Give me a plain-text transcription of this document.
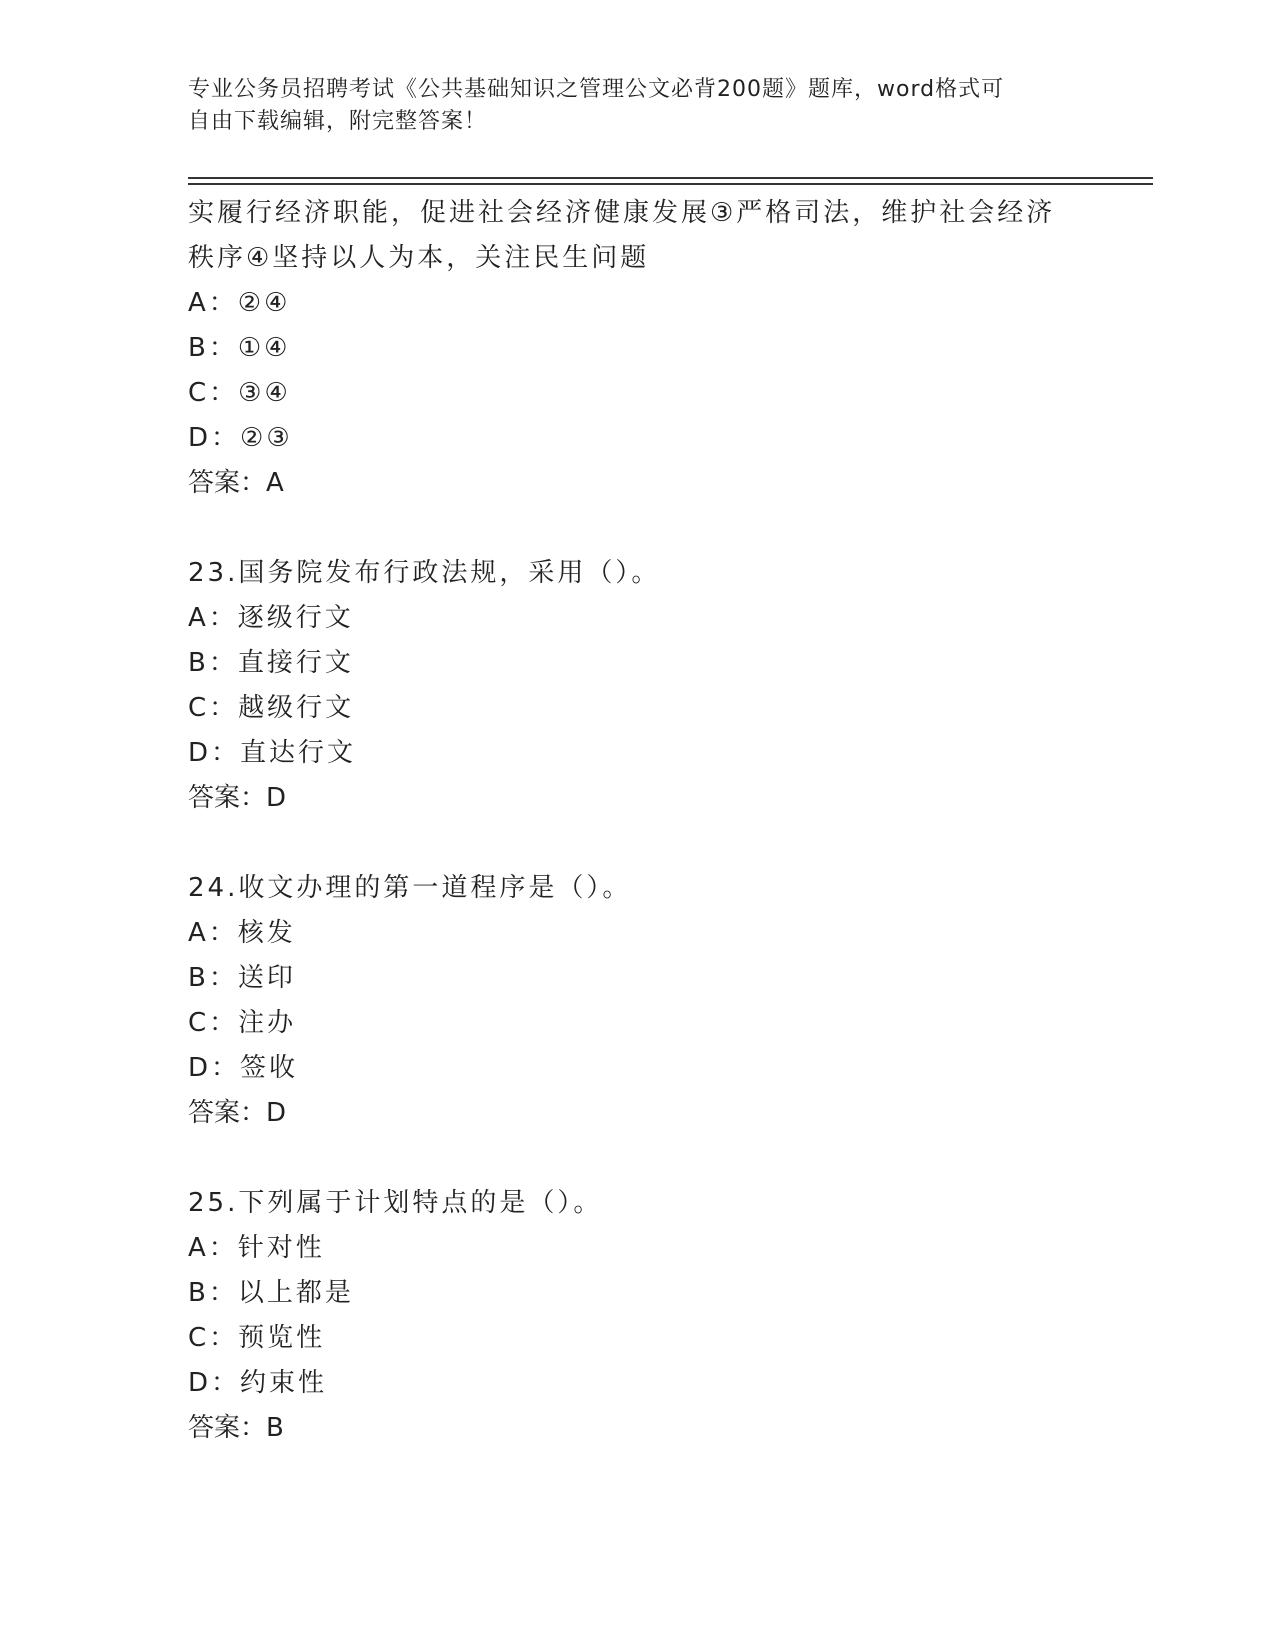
专业公务员招聘考试《公共基础知识之管理公文必背200题》题库，word格式可
自由下载编辑，附完整答案！
实履行经济职能，促进社会经济健康发展③严格司法，维护社会经济
秩序④坚持以人为本，关注民生问题
A：②④
B：①④
C：③④
D：②③
答案：A
23.国务院发布行政法规，采用（）。
A：逐级行文
B：直接行文
C：越级行文
D：直达行文
答案：D
24.收文办理的第一道程序是（）。
A：核发
B：送印
C：注办
D：签收
答案：D
25.下列属于计划特点的是（）。
A：针对性
B：以上都是
C：预览性
D：约束性
答案：B
